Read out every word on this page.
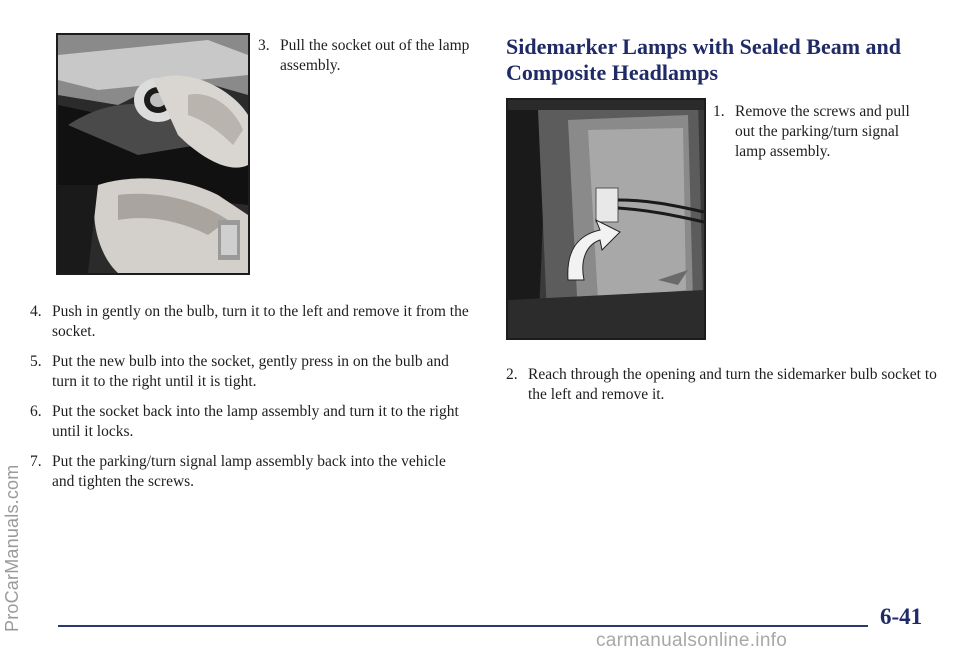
ProCarManuals.com
3. Pull the socket out of the lamp assembly.
4. Push in gently on the bulb, turn it to the left and remove it from the socket.
5. Put the new bulb into the socket, gently press in on the bulb and turn it to the right until it is tight.
6. Put the socket back into the lamp assembly and turn it to the right until it locks.
7. Put the parking/turn signal lamp assembly back into the vehicle and tighten the screws.
Sidemarker Lamps with Sealed Beam and Composite Headlamps
1. Remove the screws and pull out the parking/turn signal lamp assembly.
2. Reach through the opening and turn the sidemarker bulb socket to the left and remove it.
6-41
carmanualsonline.info
